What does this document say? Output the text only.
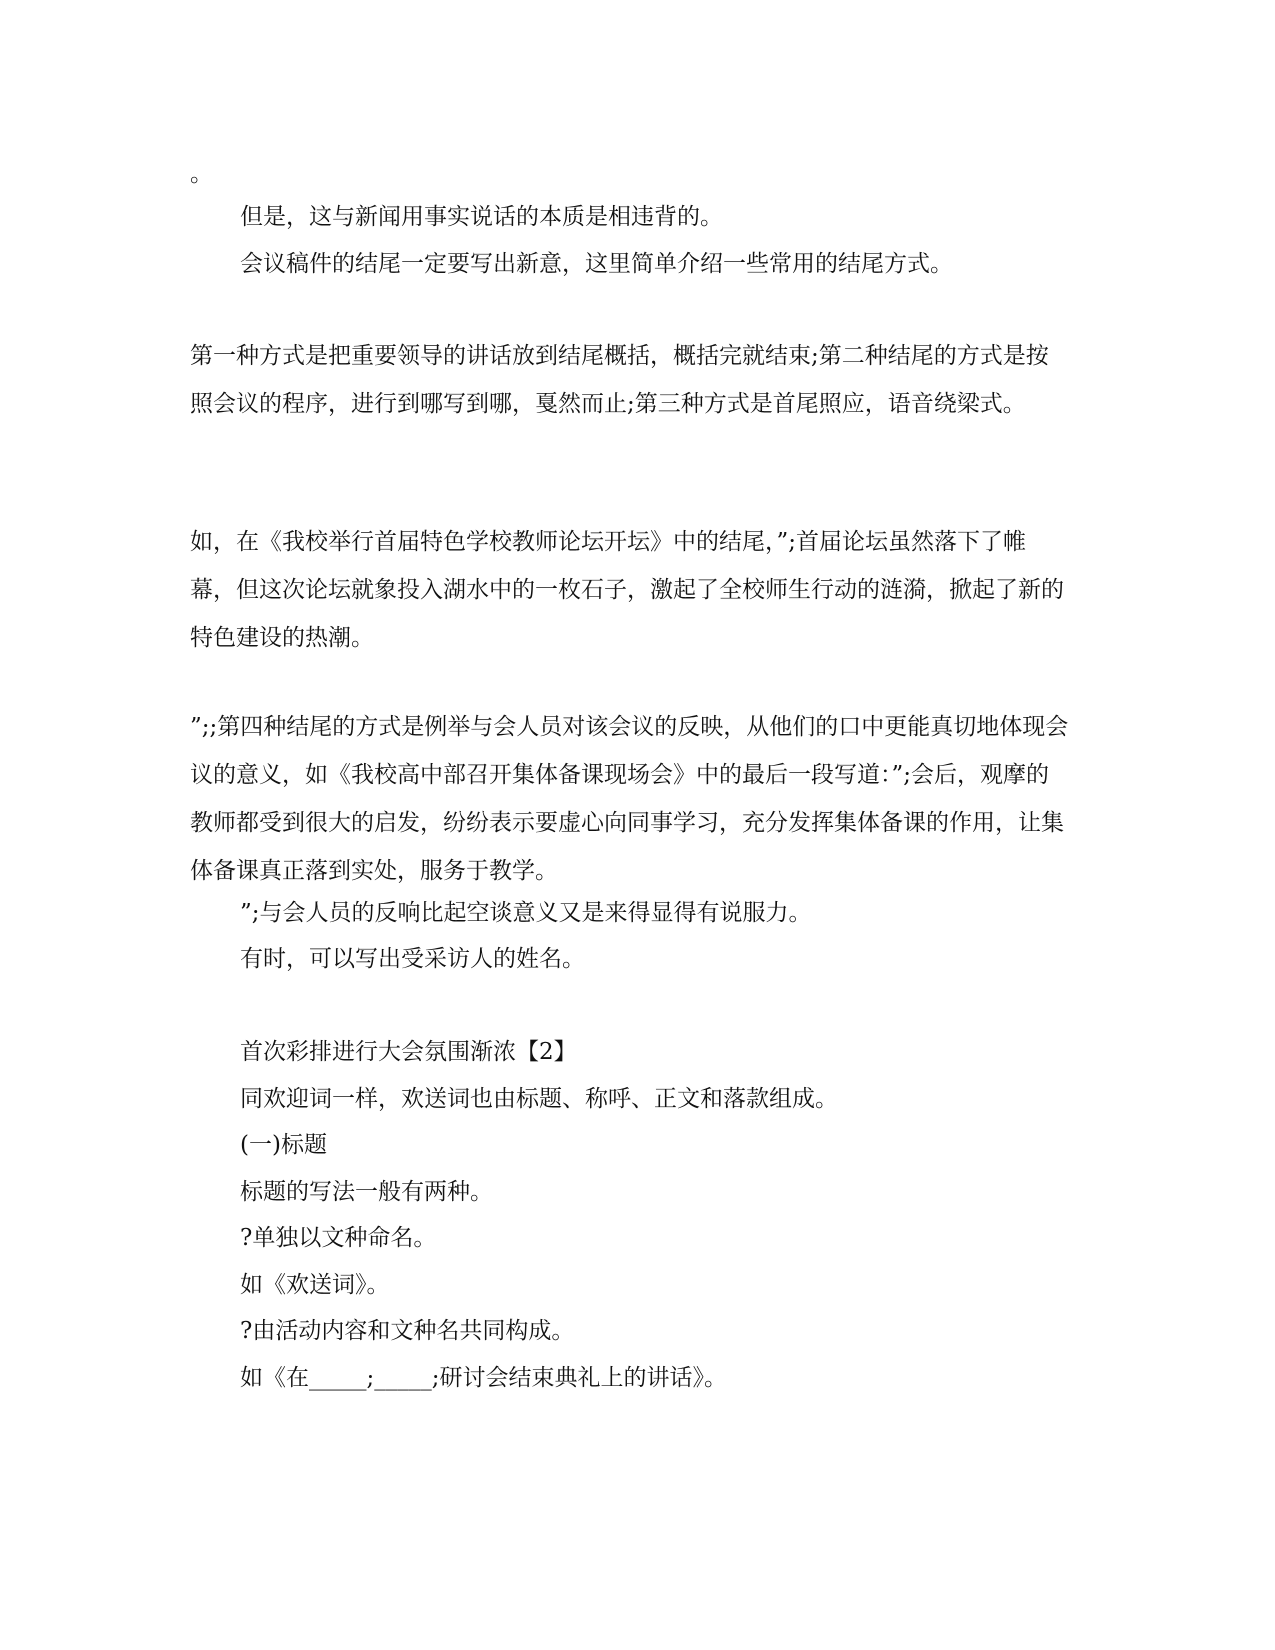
。

但是，这与新闻用事实说话的本质是相违背的。

会议稿件的结尾一定要写出新意，这里简单介绍一些常用的结尾方式。

第一种方式是把重要领导的讲话放到结尾概括，概括完就结束;第二种结尾的方式是按照会议的程序，进行到哪写到哪，戛然而止;第三种方式是首尾照应，语音绕梁式。

如，在《我校举行首届特色学校教师论坛开坛》中的结尾，”;首届论坛虽然落下了帷幕，但这次论坛就象投入湖水中的一枚石子，激起了全校师生行动的涟漪，掀起了新的特色建设的热潮。

”;;第四种结尾的方式是例举与会人员对该会议的反映，从他们的口中更能真切地体现会议的意义，如《我校高中部召开集体备课现场会》中的最后一段写道：”;会后，观摩的教师都受到很大的启发，纷纷表示要虚心向同事学习，充分发挥集体备课的作用，让集体备课真正落到实处，服务于教学。

”;与会人员的反响比起空谈意义又是来得显得有说服力。

有时，可以写出受采访人的姓名。

首次彩排进行大会氛围渐浓【2】

同欢迎词一样，欢送词也由标题、称呼、正文和落款组成。

(一)标题

标题的写法一般有两种。

?单独以文种命名。

如《欢送词》。

?由活动内容和文种名共同构成。

如《在_____;_____;研讨会结束典礼上的讲话》。
